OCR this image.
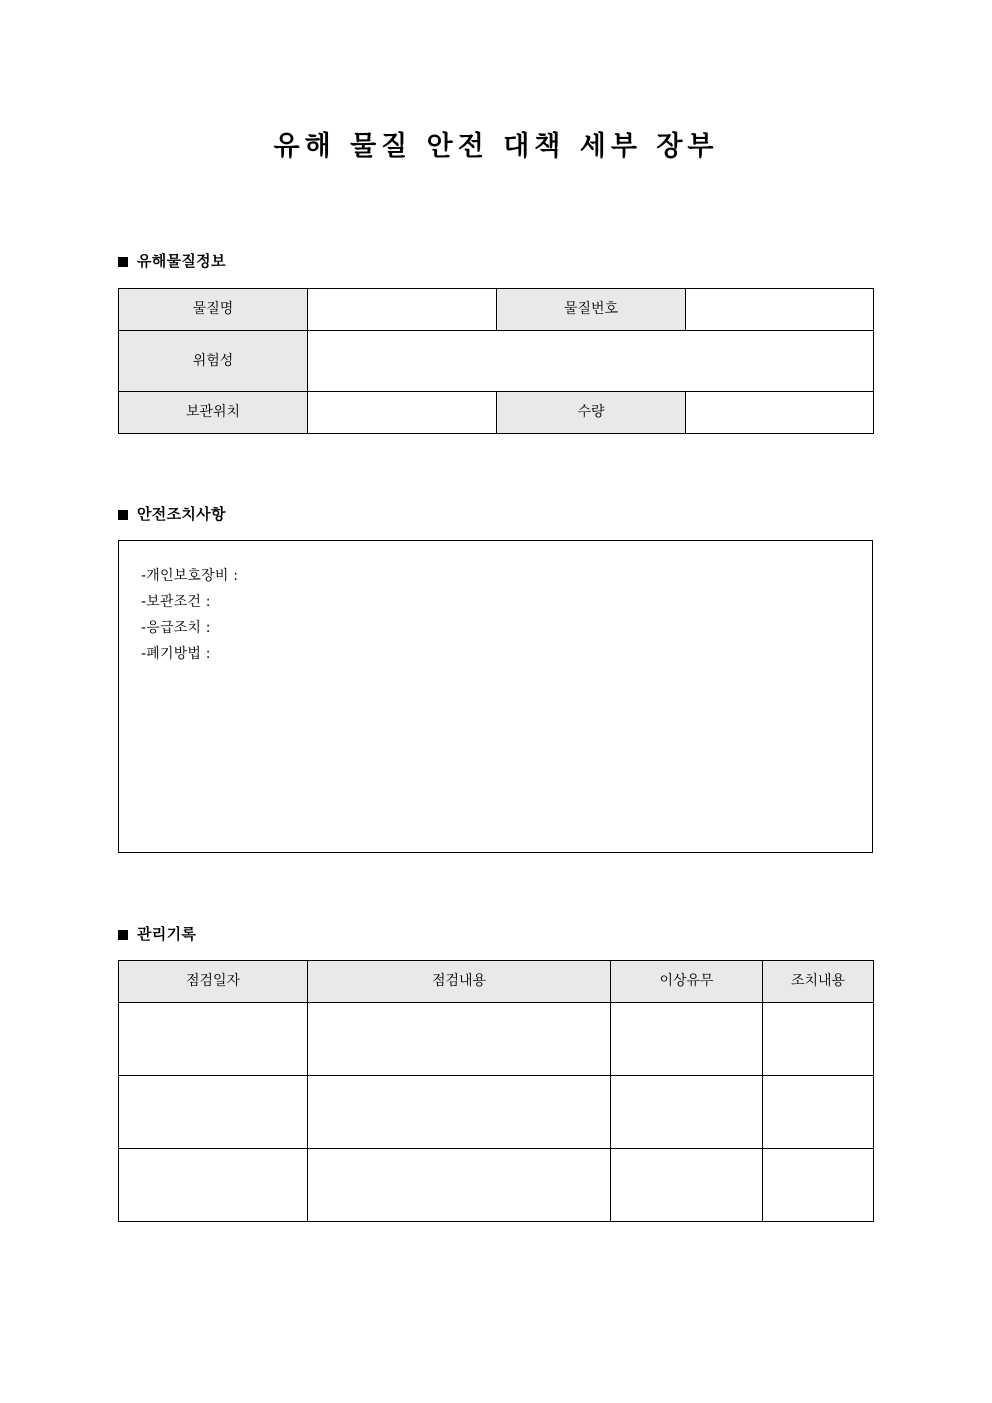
유해 물질 안전 대책 세부 장부
유해물질정보
물질명		물질번호	
위험성			
보관위치		수량	
안전조치사항
-개인보호장비 :
-보관조건 :
-응급조치 :
-폐기방법 :
관리기록
점검일자	점검내용	이상유무	조치내용
